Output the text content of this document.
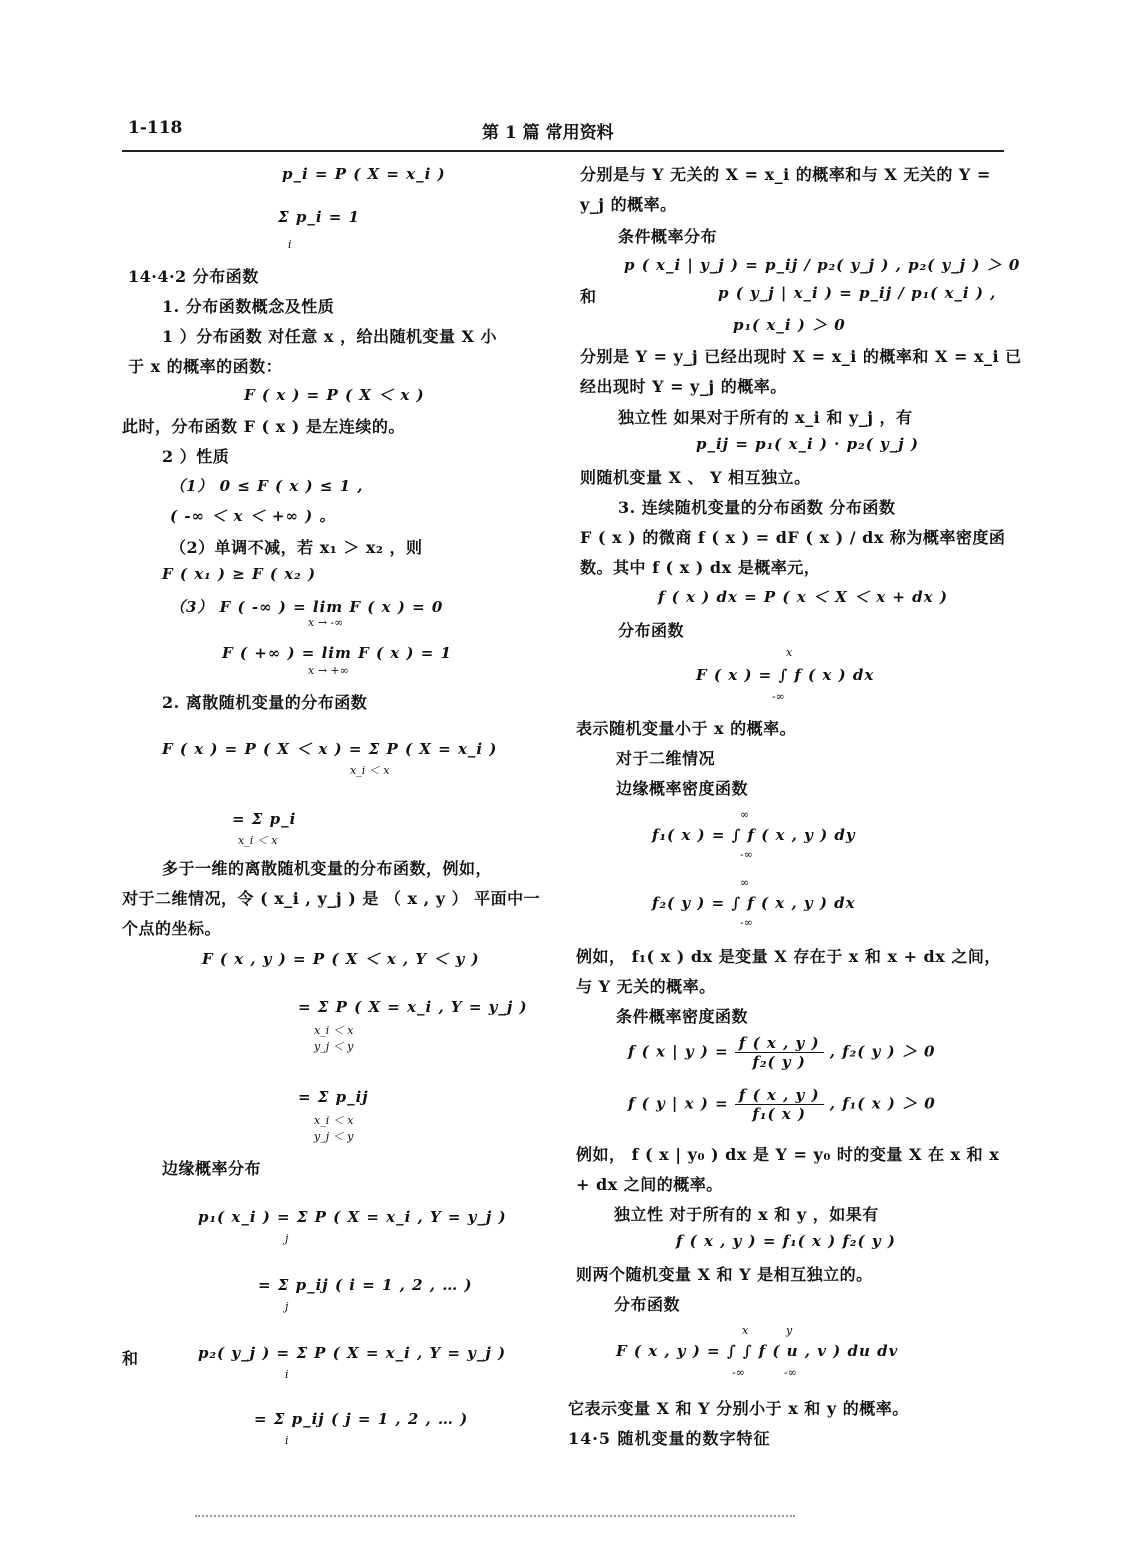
1-118	第 1 篇 常用资料
p_i = P ( X = x_i )
Σ p_i = 1
i
14·4·2 分布函数
1. 分布函数概念及性质
1 ）分布函数 对任意 x ，给出随机变量 X 小
于 x 的概率的函数：
F ( x ) = P ( X ＜ x )
此时，分布函数 F ( x ) 是左连续的。
2 ）性质
（1） 0 ≤ F ( x ) ≤ 1 ,
( -∞ ＜ x ＜ +∞ ) 。
（2）单调不减，若 x₁ ＞ x₂ ，则
F ( x₁ ) ≥ F ( x₂ )
（3） F ( -∞ ) = lim F ( x ) = 0
x → -∞
F ( +∞ ) = lim F ( x ) = 1
x → +∞
2. 离散随机变量的分布函数
F ( x ) = P ( X ＜ x ) = Σ P ( X = x_i )
x_i ＜ x
= Σ p_i
x_i ＜ x
多于一维的离散随机变量的分布函数，例如，
对于二维情况，令 ( x_i , y_j ) 是 （ x , y ） 平面中一
个点的坐标。
F ( x , y ) = P ( X ＜ x , Y ＜ y )
= Σ P ( X = x_i , Y = y_j )
x_i ＜ x
y_j ＜ y
= Σ p_ij
x_i ＜ x
y_j ＜ y
边缘概率分布
p₁( x_i ) = Σ P ( X = x_i , Y = y_j )
j
= Σ p_ij ( i = 1 , 2 , … )
j
和	p₂( y_j ) = Σ P ( X = x_i , Y = y_j )
i
= Σ p_ij ( j = 1 , 2 , … )
i
分别是与 Y 无关的 X = x_i 的概率和与 X 无关的 Y =
y_j 的概率。
条件概率分布
p ( x_i | y_j ) = p_ij / p₂( y_j ) , p₂( y_j ) ＞ 0
和	p ( y_j | x_i ) = p_ij / p₁( x_i ) ,
p₁( x_i ) ＞ 0
分别是 Y = y_j 已经出现时 X = x_i 的概率和 X = x_i 已
经出现时 Y = y_j 的概率。
独立性 如果对于所有的 x_i 和 y_j ，有
p_ij = p₁( x_i ) · p₂( y_j )
则随机变量 X 、 Y 相互独立。
3. 连续随机变量的分布函数 分布函数
F ( x ) 的微商 f ( x ) = dF ( x ) / dx 称为概率密度函
数。其中 f ( x ) dx 是概率元，
f ( x ) dx = P ( x ＜ X ＜ x + dx )
分布函数
F ( x ) = ∫ f ( x ) dx
x
-∞
表示随机变量小于 x 的概率。
对于二维情况
边缘概率密度函数
f₁( x ) = ∫ f ( x , y ) dy
∞
-∞
f₂( y ) = ∫ f ( x , y ) dx
∞
-∞
例如， f₁( x ) dx 是变量 X 存在于 x 和 x + dx 之间，
与 Y 无关的概率。
条件概率密度函数
f ( x | y ) = $\frac{f ( x , y )}{\text{f₂( y )}}$ , f₂( y ) ＞ 0
f ( y | x ) = $\frac{f ( x , y )}{\text{f₁( x )}}$ , f₁( x ) ＞ 0
例如， f ( x | y₀ ) dx 是 Y = y₀ 时的变量 X 在 x 和 x
+ dx 之间的概率。
独立性 对于所有的 x 和 y ，如果有
f ( x , y ) = f₁( x ) f₂( y )
则两个随机变量 X 和 Y 是相互独立的。
分布函数
F ( x , y ) = ∫ ∫ f ( u , v ) du dv
x	y
-∞	-∞
它表示变量 X 和 Y 分别小于 x 和 y 的概率。
14·5 随机变量的数字特征
